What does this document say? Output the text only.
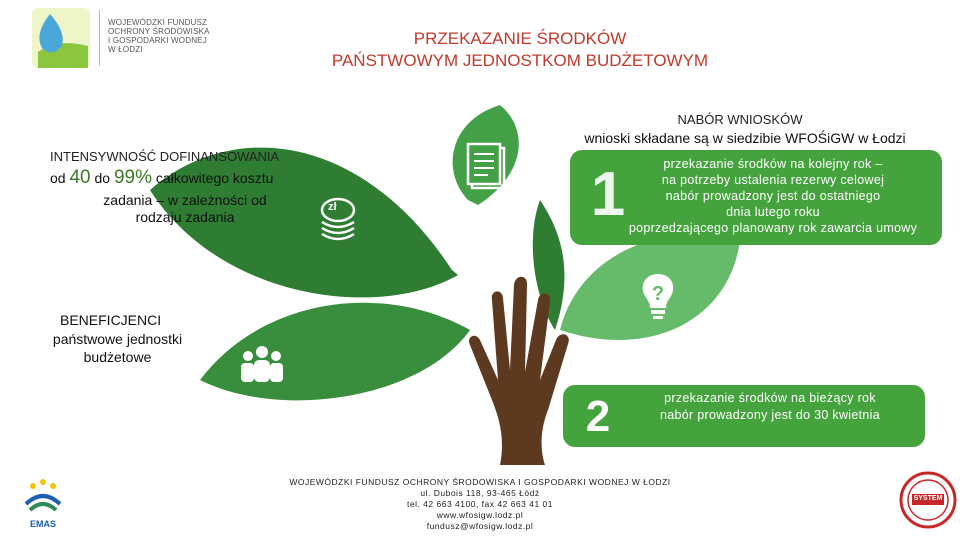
WOJEWÓDZKI FUNDUSZ
OCHRONY ŚRODOWISKA
I GOSPODARKI WODNEJ
W ŁODZI
PRZEKAZANIE ŚRODKÓW
PAŃSTWOWYM JEDNOSTKOM BUDŻETOWYM
zł
?
INTENSYWNOŚĆ DOFINANSOWANIA
od 40 do 99% całkowitego kosztu
zadania – w zależności od rodzaju zadania
BENEFICJENCI
państwowe jednostki budżetowe
NABÓR WNIOSKÓW
wnioski składane są w siedzibie WFOŚiGW w Łodzi
1	przekazanie środków na kolejny rok –
na potrzeby ustalenia rezerwy celowej
nabór prowadzony jest do ostatniego
dnia lutego roku
poprzedzającego planowany rok zawarcia umowy
2	przekazanie środków na bieżący rok
nabór prowadzony jest do 30 kwietnia
WOJEWÓDZKI FUNDUSZ OCHRONY ŚRODOWISKA I GOSPODARKI WODNEJ W ŁODZI
ul. Dubois 118, 93-465 Łódź
tel. 42 663 4100, fax 42 663 41 01
www.wfosigw.lodz.pl
fundusz@wfosigw.lodz.pl
EMAS
SYSTEM
